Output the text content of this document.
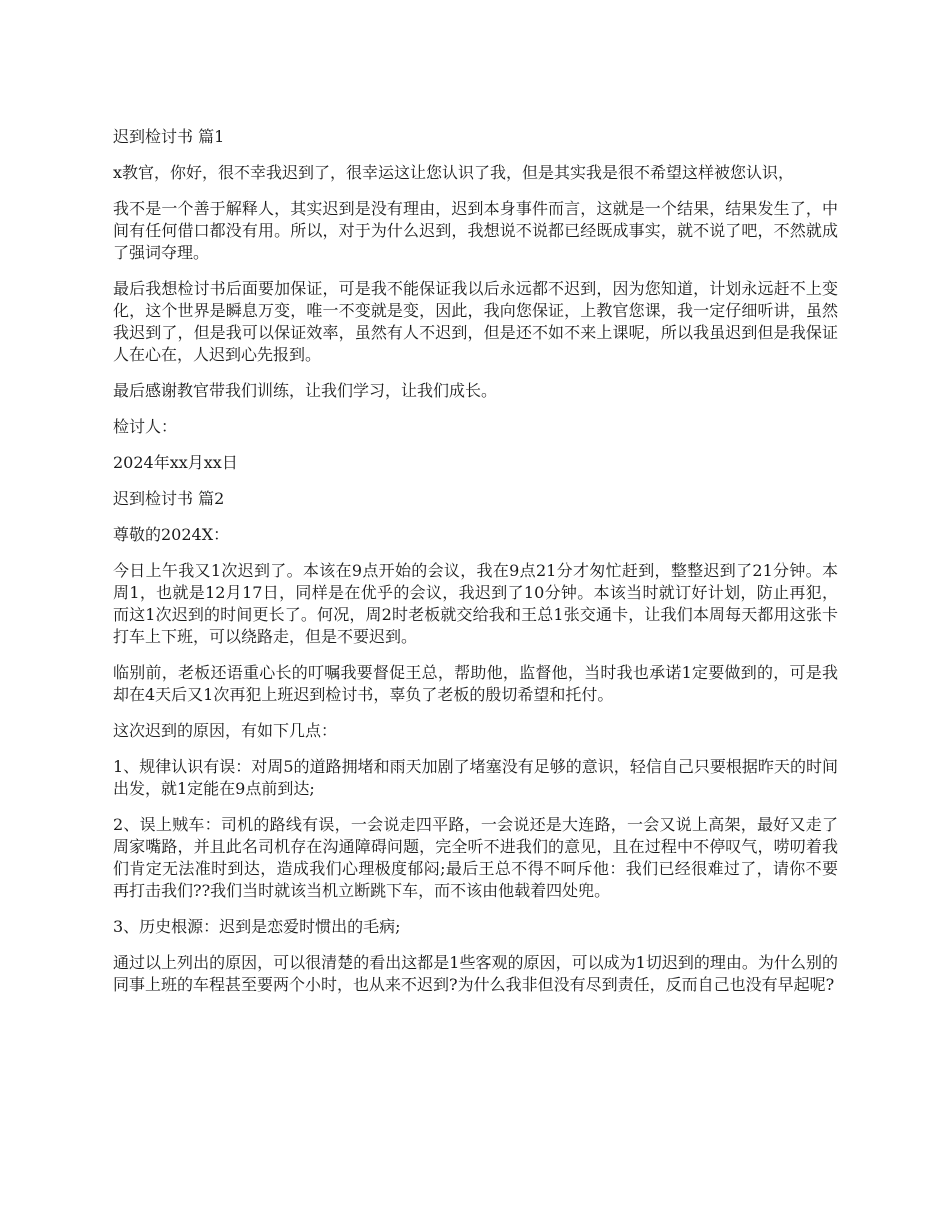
迟到检讨书 篇1

x教官，你好，很不幸我迟到了，很幸运这让您认识了我，但是其实我是很不希望这样被您认识，

我不是一个善于解释人，其实迟到是没有理由，迟到本身事件而言，这就是一个结果，结果发生了，中间有任何借口都没有用。所以，对于为什么迟到，我想说不说都已经既成事实，就不说了吧，不然就成了强词夺理。

最后我想检讨书后面要加保证，可是我不能保证我以后永远都不迟到，因为您知道，计划永远赶不上变化，这个世界是瞬息万变，唯一不变就是变，因此，我向您保证，上教官您课，我一定仔细听讲，虽然我迟到了，但是我可以保证效率，虽然有人不迟到，但是还不如不来上课呢，所以我虽迟到但是我保证人在心在，人迟到心先报到。

最后感谢教官带我们训练，让我们学习，让我们成长。

检讨人：

2024年xx月xx日

迟到检讨书 篇2

尊敬的2024X：

今日上午我又1次迟到了。本该在9点开始的会议，我在9点21分才匆忙赶到，整整迟到了21分钟。本周1，也就是12月17日，同样是在优乎的会议，我迟到了10分钟。本该当时就订好计划，防止再犯，而这1次迟到的时间更长了。何况，周2时老板就交给我和王总1张交通卡，让我们本周每天都用这张卡打车上下班，可以绕路走，但是不要迟到。

临别前，老板还语重心长的叮嘱我要督促王总，帮助他，监督他，当时我也承诺1定要做到的，可是我却在4天后又1次再犯上班迟到检讨书，辜负了老板的殷切希望和托付。

这次迟到的原因，有如下几点：

1、规律认识有误：对周5的道路拥堵和雨天加剧了堵塞没有足够的意识，轻信自己只要根据昨天的时间出发，就1定能在9点前到达;

2、误上贼车：司机的路线有误，一会说走四平路，一会说还是大连路，一会又说上高架，最好又走了周家嘴路，并且此名司机存在沟通障碍问题，完全听不进我们的意见，且在过程中不停叹气，唠叨着我们肯定无法准时到达，造成我们心理极度郁闷;最后王总不得不呵斥他：我们已经很难过了，请你不要再打击我们??我们当时就该当机立断跳下车，而不该由他载着四处兜。

3、历史根源：迟到是恋爱时惯出的毛病;

通过以上列出的原因，可以很清楚的看出这都是1些客观的原因，可以成为1切迟到的理由。为什么别的同事上班的车程甚至要两个小时，也从来不迟到?为什么我非但没有尽到责任，反而自己也没有早起呢?
